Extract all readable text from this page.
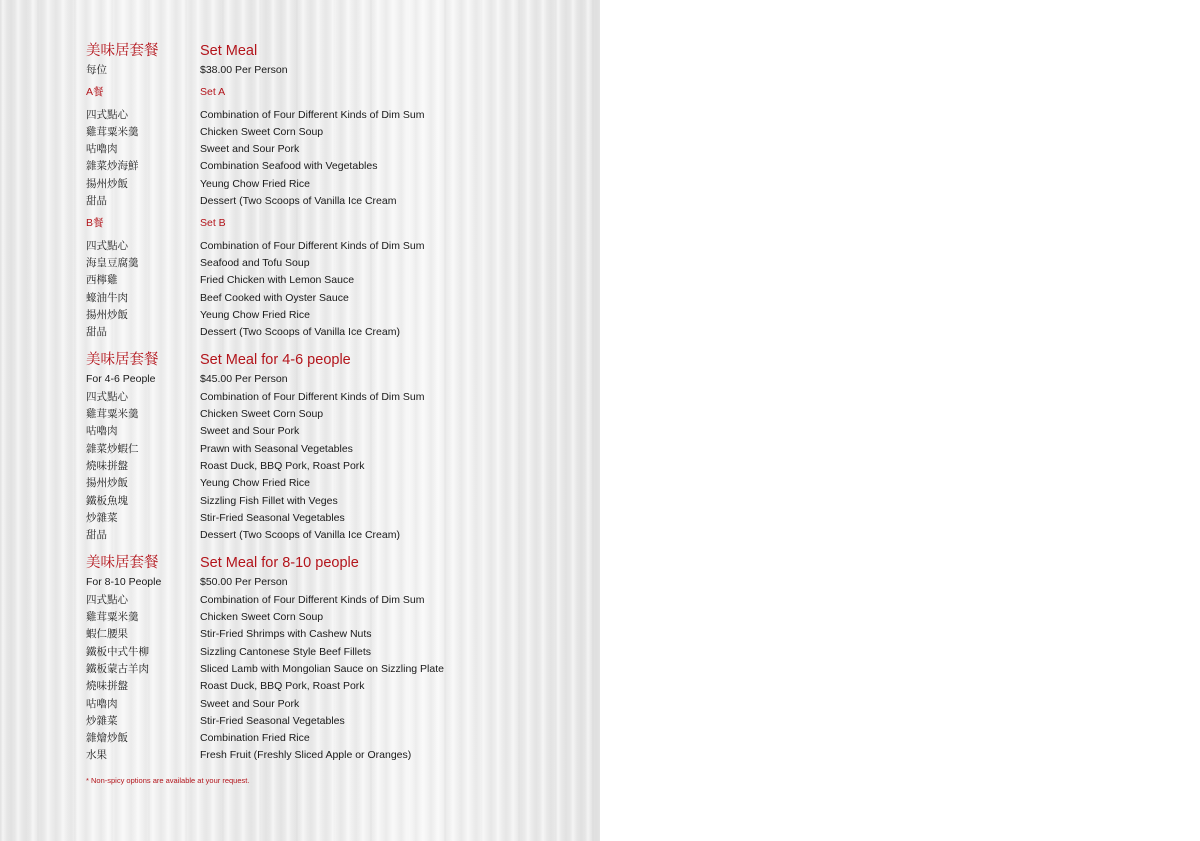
美味居套餐	Set Meal
每位	$38.00 Per Person
A餐	Set A
四式點心	Combination of Four Different Kinds of Dim Sum
雞茸粟米羹	Chicken Sweet Corn Soup
咕嚕肉	Sweet and Sour Pork
雜菜炒海鮮	Combination Seafood with Vegetables
揚州炒飯	Yeung Chow Fried Rice
甜品	Dessert (Two Scoops of Vanilla Ice Cream
B餐	Set B
四式點心	Combination of Four Different Kinds of Dim Sum
海皇豆腐羹	Seafood and Tofu Soup
西檸雞	Fried Chicken with Lemon Sauce
蠔油牛肉	Beef Cooked with Oyster Sauce
揚州炒飯	Yeung Chow Fried Rice
甜品	Dessert (Two Scoops of Vanilla Ice Cream)
美味居套餐	Set Meal for 4-6 people
For 4-6 People	$45.00 Per Person
四式點心	Combination of Four Different Kinds of Dim Sum
雞茸粟米羹	Chicken Sweet Corn Soup
咕嚕肉	Sweet and Sour Pork
雜菜炒蝦仁	Prawn with Seasonal Vegetables
燒味拼盤	Roast Duck, BBQ Pork, Roast Pork
揚州炒飯	Yeung Chow Fried Rice
鐵板魚塊	Sizzling Fish Fillet with Veges
炒雜菜	Stir-Fried Seasonal Vegetables
甜品	Dessert (Two Scoops of Vanilla Ice Cream)
美味居套餐	Set Meal for 8-10 people
For 8-10 People	$50.00 Per Person
四式點心	Combination of Four Different Kinds of Dim Sum
雞茸粟米羹	Chicken Sweet Corn Soup
蝦仁腰果	Stir-Fried Shrimps with Cashew Nuts
鐵板中式牛柳	Sizzling Cantonese Style Beef Fillets
鐵板蒙古羊肉	Sliced Lamb with Mongolian Sauce on Sizzling Plate
燒味拼盤	Roast Duck, BBQ Pork, Roast Pork
咕嚕肉	Sweet and Sour Pork
炒雜菜	Stir-Fried Seasonal Vegetables
雜燴炒飯	Combination Fried Rice
水果	Fresh Fruit (Freshly Sliced Apple or Oranges)
* Non-spicy options are available at your request.
